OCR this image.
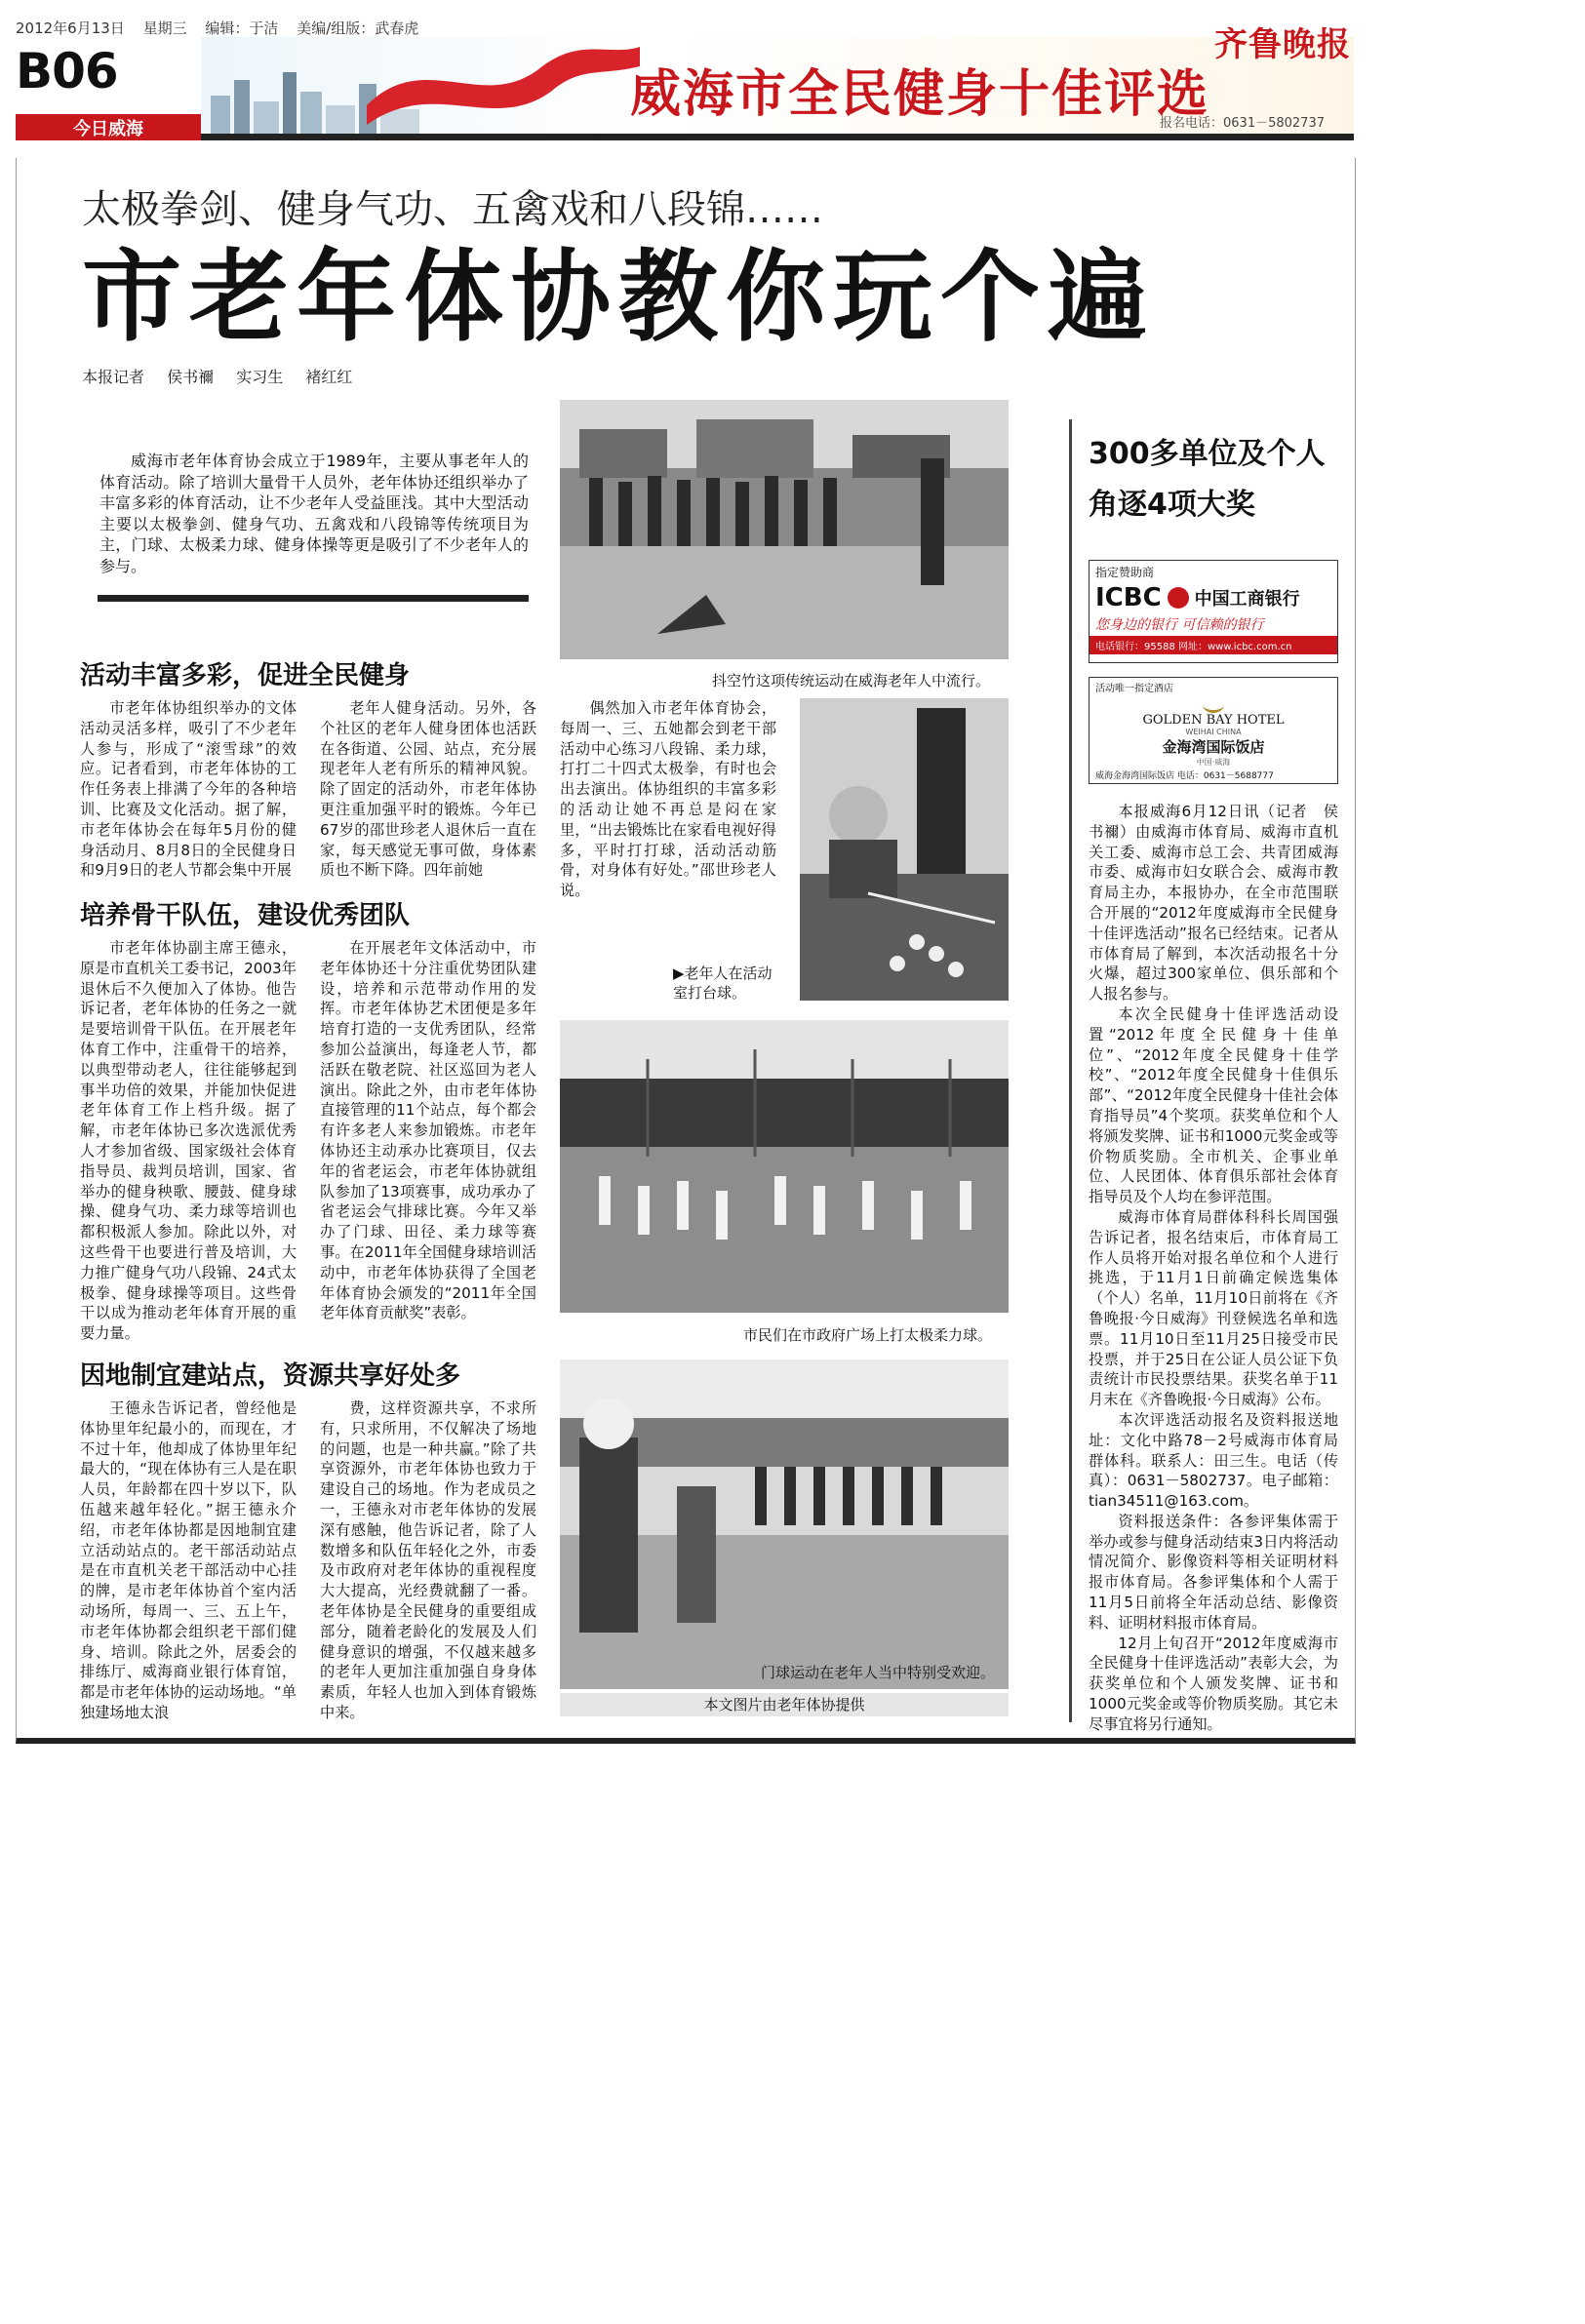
2012年6月13日 星期三 编辑：于洁 美编/组版：武春虎
B06
今日威海
威海市全民健身十佳评选
报名电话：0631－5802737
齐鲁晚报
太极拳剑、健身气功、五禽戏和八段锦……
市老年体协教你玩个遍
本报记者 侯书禰 实习生 褚红红
威海市老年体育协会成立于1989年，主要从事老年人的体育活动。除了培训大量骨干人员外，老年体协还组织举办了丰富多彩的体育活动，让不少老年人受益匪浅。其中大型活动主要以太极拳剑、健身气功、五禽戏和八段锦等传统项目为主，门球、太极柔力球、健身体操等更是吸引了不少老年人的参与。
抖空竹这项传统运动在威海老年人中流行。
活动丰富多彩，促进全民健身

市老年体协组织举办的文体活动灵活多样，吸引了不少老年人参与，形成了“滚雪球”的效应。记者看到，市老年体协的工作任务表上排满了今年的各种培训、比赛及文化活动。据了解，市老年体协会在每年5月份的健身活动月、8月8日的全民健身日和9月9日的老人节都会集中开展

老年人健身活动。另外，各个社区的老年人健身团体也活跃在各街道、公园、站点，充分展现老年人老有所乐的精神风貌。除了固定的活动外，市老年体协更注重加强平时的锻炼。今年已67岁的邵世珍老人退休后一直在家，每天感觉无事可做，身体素质也不断下降。四年前她

偶然加入市老年体育协会，每周一、三、五她都会到老干部活动中心练习八段锦、柔力球，打打二十四式太极拳，有时也会出去演出。体协组织的丰富多彩的活动让她不再总是闷在家里，“出去锻炼比在家看电视好得多，平时打打球，活动活动筋骨，对身体有好处。”邵世珍老人说。

培养骨干队伍，建设优秀团队

市老年体协副主席王德永，原是市直机关工委书记，2003年退休后不久便加入了体协。他告诉记者，老年体协的任务之一就是要培训骨干队伍。在开展老年体育工作中，注重骨干的培养，以典型带动老人，往往能够起到事半功倍的效果，并能加快促进老年体育工作上档升级。据了解，市老年体协已多次选派优秀人才参加省级、国家级社会体育指导员、裁判员培训，国家、省举办的健身秧歌、腰鼓、健身球操、健身气功、柔力球等培训也都积极派人参加。除此以外，对这些骨干也要进行普及培训，大力推广健身气功八段锦、24式太极拳、健身球操等项目。这些骨干以成为推动老年体育开展的重要力量。

在开展老年文体活动中，市老年体协还十分注重优势团队建设，培养和示范带动作用的发挥。市老年体协艺术团便是多年培育打造的一支优秀团队，经常参加公益演出，每逢老人节，都活跃在敬老院、社区巡回为老人演出。除此之外，由市老年体协直接管理的11个站点，每个都会有许多老人来参加锻炼。市老年体协还主动承办比赛项目，仅去年的省老运会，市老年体协就组队参加了13项赛事，成功承办了省老运会气排球比赛。今年又举办了门球、田径、柔力球等赛事。在2011年全国健身球培训活动中，市老年体协获得了全国老年体育协会颁发的“2011年全国老年体育贡献奖”表彰。

▶老年人在活动室打台球。
市民们在市政府广场上打太极柔力球。
因地制宜建站点，资源共享好处多

王德永告诉记者，曾经他是体协里年纪最小的，而现在，才不过十年，他却成了体协里年纪最大的，“现在体协有三人是在职人员，年龄都在四十岁以下，队伍越来越年轻化。”据王德永介绍，市老年体协都是因地制宜建立活动站点的。老干部活动站点是在市直机关老干部活动中心挂的牌，是市老年体协首个室内活动场所，每周一、三、五上午，市老年体协都会组织老干部们健身、培训。除此之外，居委会的排练厅、威海商业银行体育馆，都是市老年体协的运动场地。“单独建场地太浪

费，这样资源共享，不求所有，只求所用，不仅解决了场地的问题，也是一种共赢。”除了共享资源外，市老年体协也致力于建设自己的场地。作为老成员之一，王德永对市老年体协的发展深有感触，他告诉记者，除了人数增多和队伍年轻化之外，市委及市政府对老年体协的重视程度大大提高，光经费就翻了一番。老年体协是全民健身的重要组成部分，随着老龄化的发展及人们健身意识的增强，不仅越来越多的老年人更加注重加强自身身体素质，年轻人也加入到体育锻炼中来。

门球运动在老年人当中特别受欢迎。
本文图片由老年体协提供
300多单位及个人角逐4项大奖
指定赞助商
ICBC 中国工商银行
您身边的银行 可信赖的银行
电话银行：95588 网址：www.icbc.com.cn
活动唯一指定酒店
GOLDEN BAY HOTEL
WEIHAI CHINA
金海湾国际饭店
中国·威海
威海金海湾国际饭店 电话：0631－5688777

本报威海6月12日讯（记者　侯书禰）由威海市体育局、威海市直机关工委、威海市总工会、共青团威海市委、威海市妇女联合会、威海市教育局主办，本报协办，在全市范围联合开展的“2012年度威海市全民健身十佳评选活动”报名已经结束。记者从市体育局了解到，本次活动报名十分火爆，超过300家单位、俱乐部和个人报名参与。

本次全民健身十佳评选活动设置“2012年度全民健身十佳单位”、“2012年度全民健身十佳学校”、“2012年度全民健身十佳俱乐部”、“2012年度全民健身十佳社会体育指导员”4个奖项。获奖单位和个人将颁发奖牌、证书和1000元奖金或等价物质奖励。全市机关、企事业单位、人民团体、体育俱乐部社会体育指导员及个人均在参评范围。

威海市体育局群体科科长周国强告诉记者，报名结束后，市体育局工作人员将开始对报名单位和个人进行挑选，于11月1日前确定候选集体（个人）名单，11月10日前将在《齐鲁晚报·今日威海》刊登候选名单和选票。11月10日至11月25日接受市民投票，并于25日在公证人员公证下负责统计市民投票结果。获奖名单于11月末在《齐鲁晚报·今日威海》公布。

本次评选活动报名及资料报送地址：文化中路78－2号威海市体育局群体科。联系人：田三生。电话（传真）：0631－5802737。电子邮箱：tian34511@163.com。

资料报送条件：各参评集体需于举办或参与健身活动结束3日内将活动情况简介、影像资料等相关证明材料报市体育局。各参评集体和个人需于11月5日前将全年活动总结、影像资料、证明材料报市体育局。

12月上旬召开“2012年度威海市全民健身十佳评选活动”表彰大会，为获奖单位和个人颁发奖牌、证书和1000元奖金或等价物质奖励。其它未尽事宜将另行通知。
